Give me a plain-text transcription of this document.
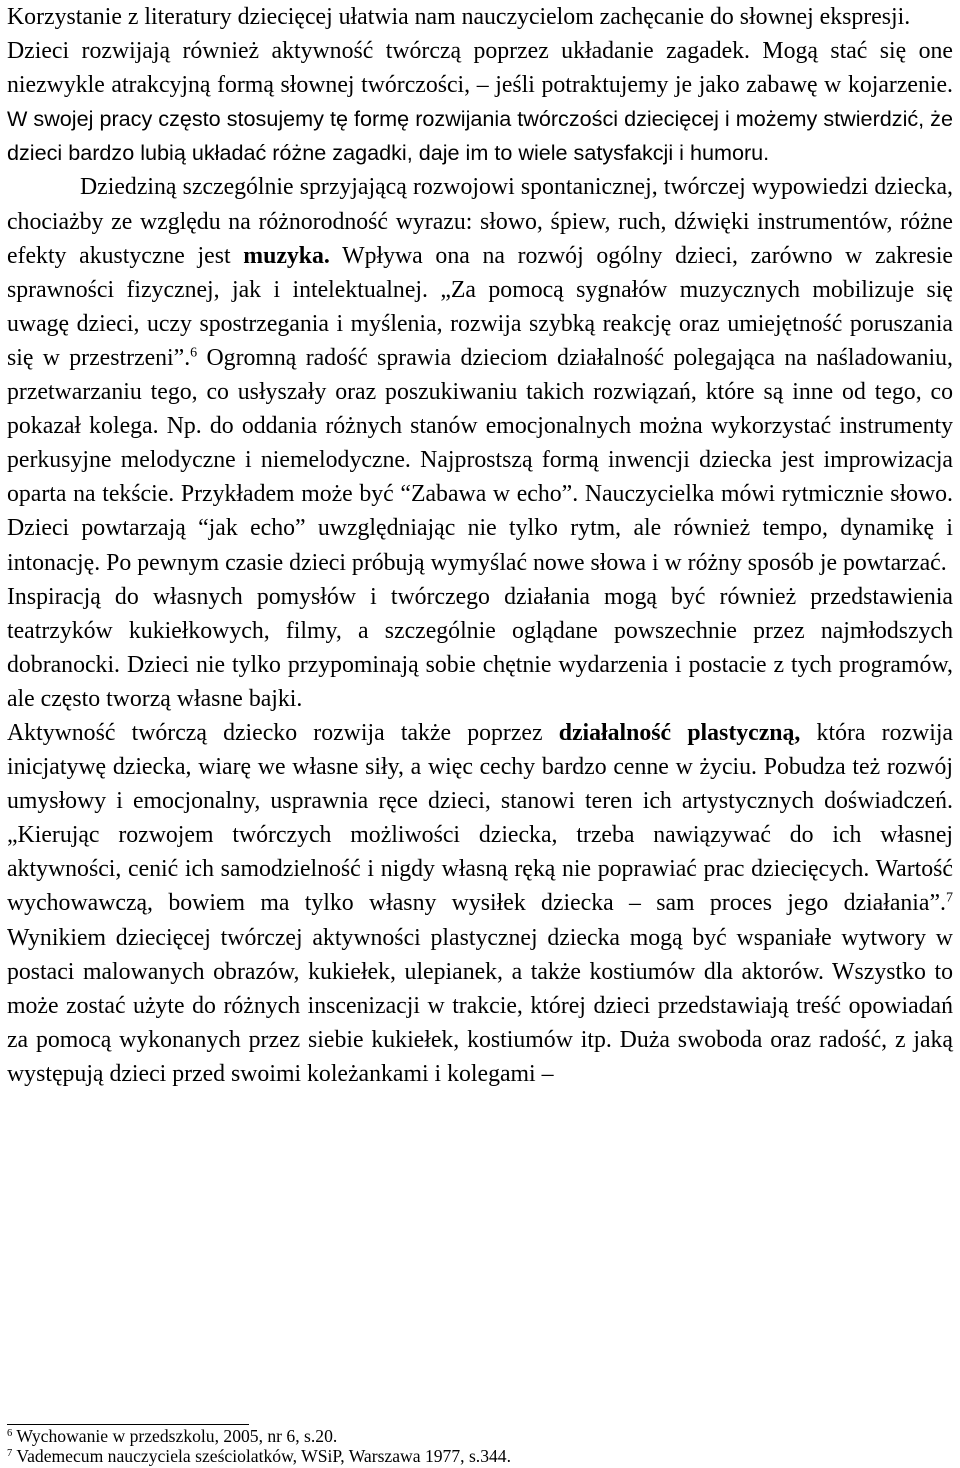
Korzystanie z literatury dziecięcej ułatwia nam nauczycielom zachęcanie do słownej ekspresji.

Dzieci rozwijają również aktywność twórczą poprzez układanie zagadek. Mogą stać się one niezwykle atrakcyjną formą słownej twórczości, – jeśli potraktujemy je jako zabawę w kojarzenie. W swojej pracy często stosujemy tę formę rozwijania twórczości dziecięcej i możemy stwierdzić, że dzieci bardzo lubią układać różne zagadki, daje im to wiele satysfakcji i humoru.

Dziedziną szczególnie sprzyjającą rozwojowi spontanicznej, twórczej wypowiedzi dziecka, chociażby ze względu na różnorodność wyrazu: słowo, śpiew, ruch, dźwięki instrumentów, różne efekty akustyczne jest muzyka. Wpływa ona na rozwój ogólny dzieci, zarówno w zakresie sprawności fizycznej, jak i intelektualnej. „Za pomocą sygnałów muzycznych mobilizuje się uwagę dzieci, uczy spostrzegania i myślenia, rozwija szybką reakcję oraz umiejętność poruszania się w przestrzeni”.$^6$ Ogromną radość sprawia dzieciom działalność polegająca na naśladowaniu, przetwarzaniu tego, co usłyszały oraz poszukiwaniu takich rozwiązań, które są inne od tego, co pokazał kolega. Np. do oddania różnych stanów emocjonalnych można wykorzystać instrumenty perkusyjne melodyczne i niemelodyczne. Najprostszą formą inwencji dziecka jest improwizacja oparta na tekście. Przykładem może być “Zabawa w echo”. Nauczycielka mówi rytmicznie słowo. Dzieci powtarzają “jak echo” uwzględniając nie tylko rytm, ale również tempo, dynamikę i intonację. Po pewnym czasie dzieci próbują wymyślać nowe słowa i w różny sposób je powtarzać.

Inspiracją do własnych pomysłów i twórczego działania mogą być również przedstawienia teatrzyków kukiełkowych, filmy, a szczególnie oglądane powszechnie przez najmłodszych dobranocki. Dzieci nie tylko przypominają sobie chętnie wydarzenia i postacie z tych programów, ale często tworzą własne bajki.

Aktywność twórczą dziecko rozwija także poprzez działalność plastyczną, która rozwija inicjatywę dziecka, wiarę we własne siły, a więc cechy bardzo cenne w życiu. Pobudza też rozwój umysłowy i emocjonalny, usprawnia ręce dzieci, stanowi teren ich artystycznych doświadczeń. „Kierując rozwojem twórczych możliwości dziecka, trzeba nawiązywać do ich własnej aktywności, cenić ich samodzielność i nigdy własną ręką nie poprawiać prac dziecięcych. Wartość wychowawczą, bowiem ma tylko własny wysiłek dziecka – sam proces jego działania”.$^7$ Wynikiem dziecięcej twórczej aktywności plastycznej dziecka mogą być wspaniałe wytwory w postaci malowanych obrazów, kukiełek, ulepianek, a także kostiumów dla aktorów. Wszystko to może zostać użyte do różnych inscenizacji w trakcie, której dzieci przedstawiają treść opowiadań za pomocą wykonanych przez siebie kukiełek, kostiumów itp. Duża swoboda oraz radość, z jaką występują dzieci przed swoimi koleżankami i kolegami –

$^6$ Wychowanie w przedszkolu, 2005, nr 6, s.20.
$^7$ Vademecum nauczyciela sześciolatków, WSiP, Warszawa 1977, s.344.
